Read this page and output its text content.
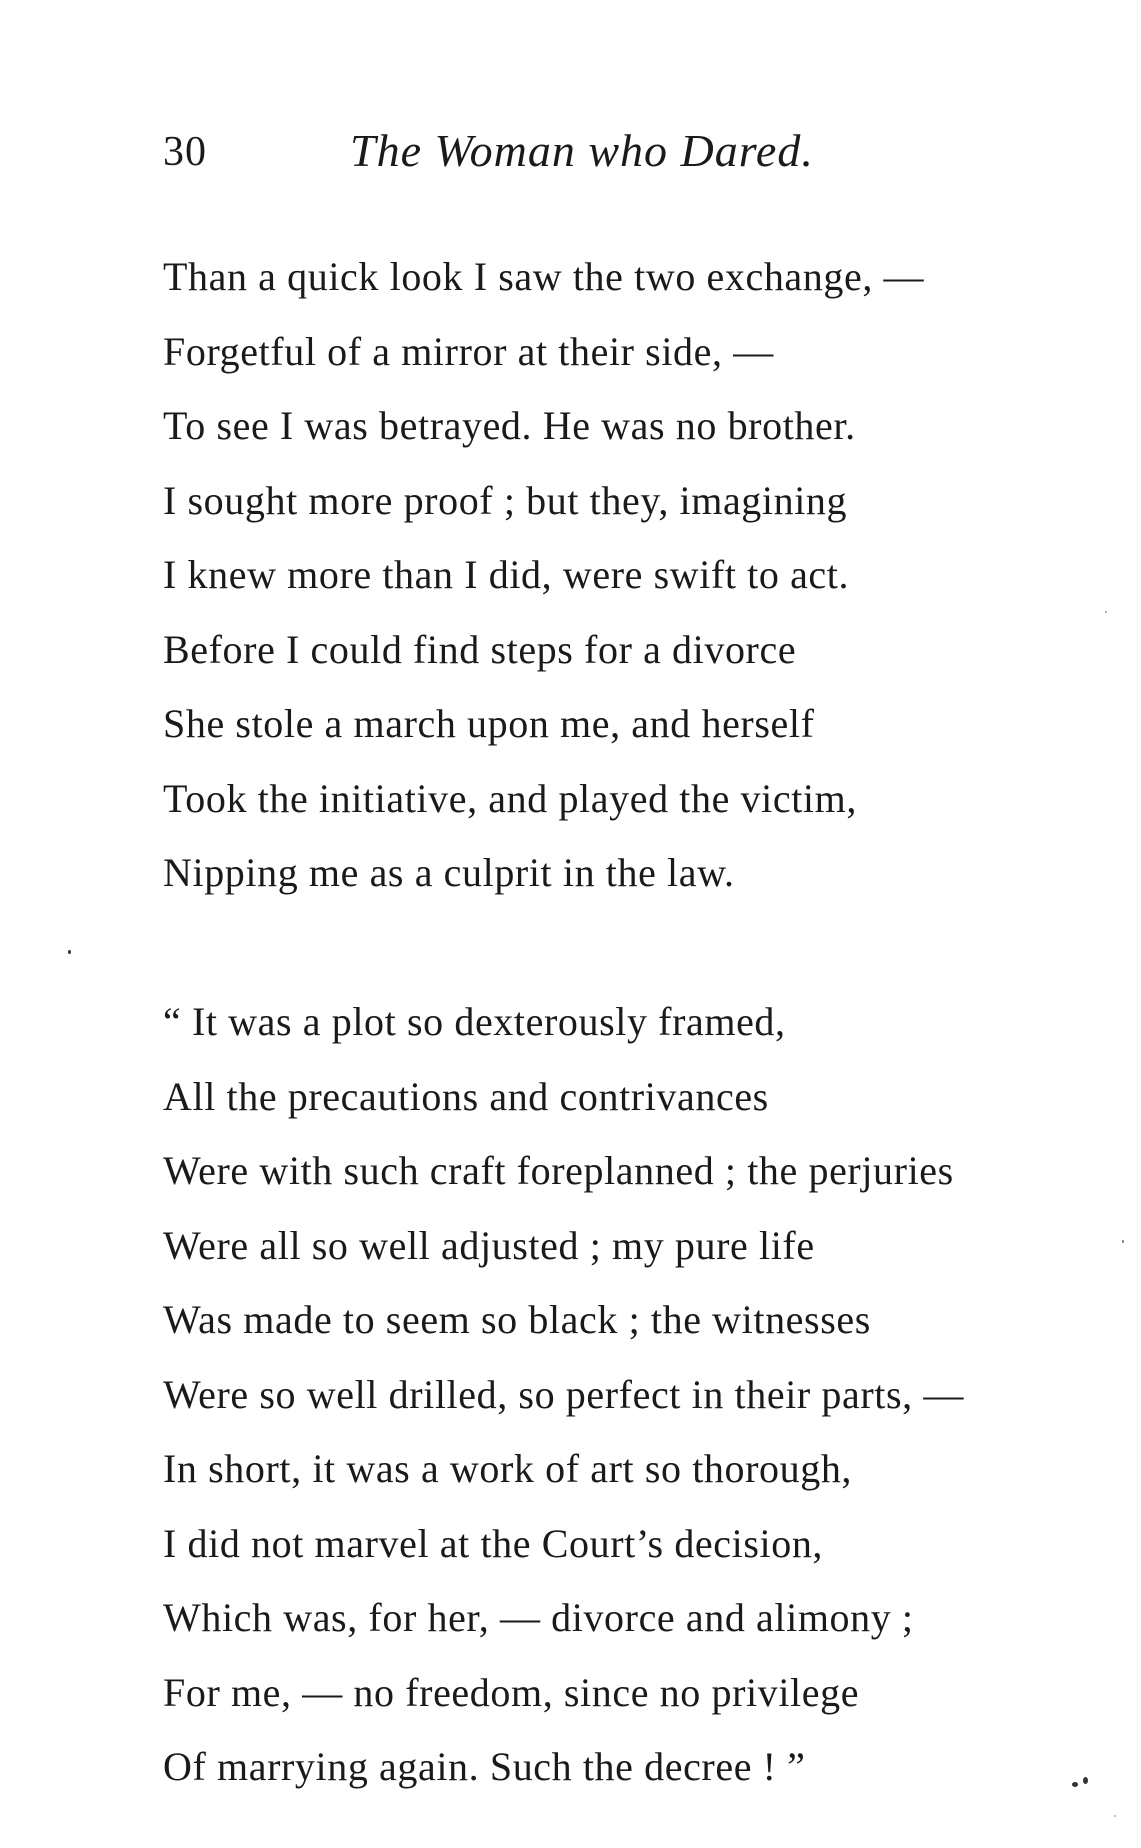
30	The Woman who Dared.
Than a quick look I saw the two exchange, —
Forgetful of a mirror at their side, —
To see I was betrayed. He was no brother.
I sought more proof ; but they, imagining
I knew more than I did, were swift to act.
Before I could find steps for a divorce
She stole a march upon me, and herself
Took the initiative, and played the victim,
Nipping me as a culprit in the law.
“ It was a plot so dexterously framed,
All the precautions and contrivances
Were with such craft foreplanned ; the perjuries
Were all so well adjusted ; my pure life
Was made to seem so black ; the witnesses
Were so well drilled, so perfect in their parts, —
In short, it was a work of art so thorough,
I did not marvel at the Court’s decision,
Which was, for her, — divorce and alimony ;
For me, — no freedom, since no privilege
Of marrying again. Such the decree ! ”
